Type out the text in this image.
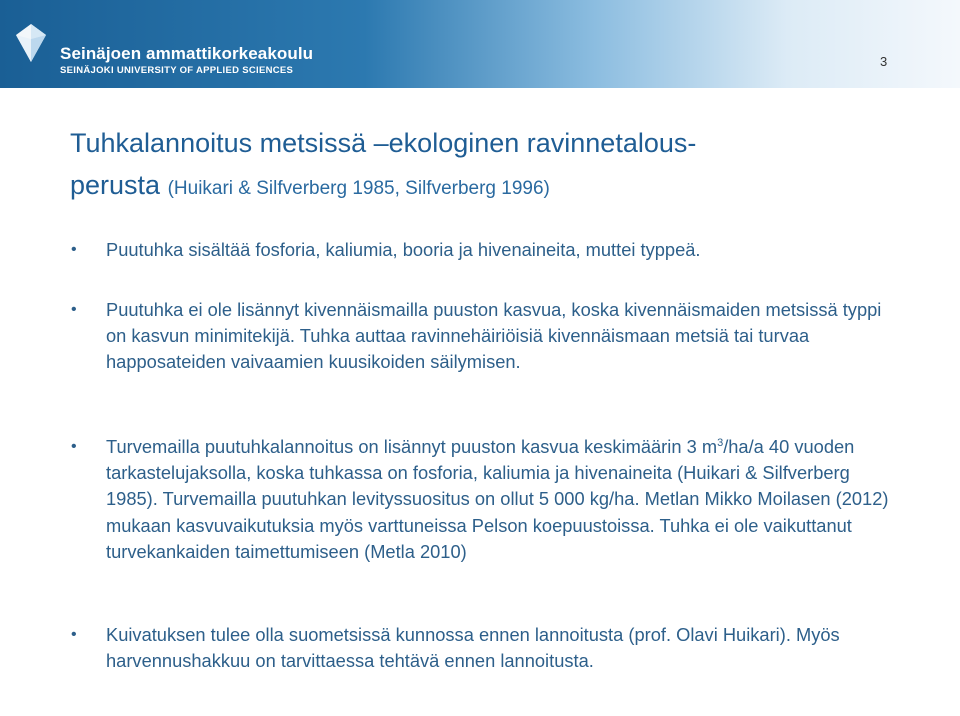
Seinäjoen ammattikorkeakoulu
SEINÄJOKI UNIVERSITY OF APPLIED SCIENCES
3
Tuhkalannoitus metsissä –ekologinen ravinnetalous-
perusta (Huikari & Silfverberg 1985, Silfverberg 1996)
• Puutuhka sisältää fosforia, kaliumia, booria ja hivenaineita, muttei typpeä.
• Puutuhka ei ole lisännyt kivennäismailla puuston kasvua, koska kivennäismaiden metsissä typpi on kasvun minimitekijä. Tuhka auttaa ravinnehäiriöisiä kivennäismaan metsiä tai turvaa happosateiden vaivaamien kuusikoiden säilymisen.
• Turvemailla puutuhkalannoitus on lisännyt puuston kasvua keskimäärin 3 $m^3/ha/a$ 40 vuoden tarkastelujaksolla, koska tuhkassa on fosforia, kaliumia ja hivenaineita (Huikari & Silfverberg 1985). Turvemailla puutuhkan levityssuositus on ollut 5 000 kg/ha. Metlan Mikko Moilasen (2012) mukaan kasvuvaikutuksia myös varttuneissa Pelson koepuustoissa. Tuhka ei ole vaikuttanut turvekankaiden taimettumiseen (Metla 2010)
• Kuivatuksen tulee olla suometsissä kunnossa ennen lannoitusta (prof. Olavi Huikari). Myös harvennushakkuu on tarvittaessa tehtävä ennen lannoitusta.
